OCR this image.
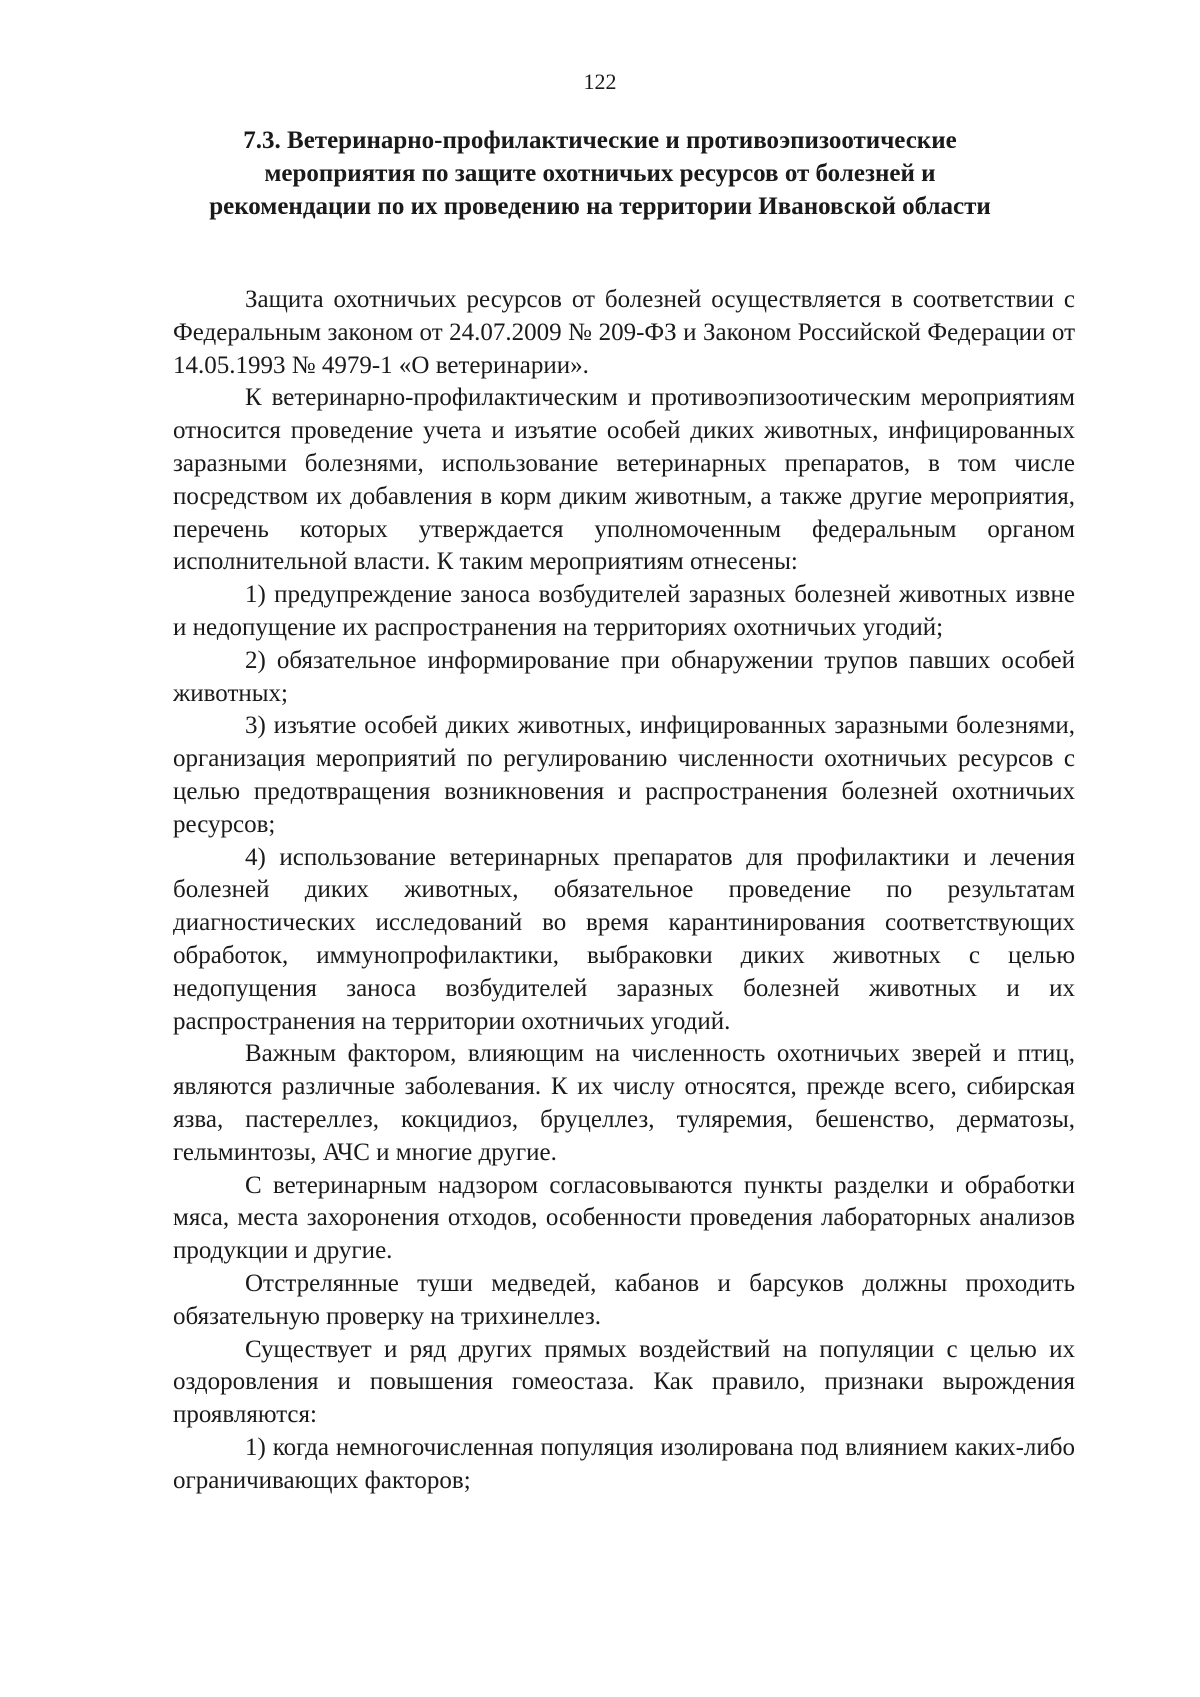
122
7.3. Ветеринарно-профилактические и противоэпизоотические мероприятия по защите охотничьих ресурсов от болезней и рекомендации по их проведению на территории Ивановской области

Защита охотничьих ресурсов от болезней осуществляется в соответствии с Федеральным законом от 24.07.2009 № 209-ФЗ и Законом Российской Федерации от 14.05.1993 № 4979-1 «О ветеринарии».

К ветеринарно-профилактическим и противоэпизоотическим мероприятиям относится проведение учета и изъятие особей диких животных, инфицированных заразными болезнями, использование ветеринарных препаратов, в том числе посредством их добавления в корм диким животным, а также другие мероприятия, перечень которых утверждается уполномоченным федеральным органом исполнительной власти. К таким мероприятиям отнесены:

1) предупреждение заноса возбудителей заразных болезней животных извне и недопущение их распространения на территориях охотничьих угодий;

2) обязательное информирование при обнаружении трупов павших особей животных;

3) изъятие особей диких животных, инфицированных заразными болезнями, организация мероприятий по регулированию численности охотничьих ресурсов с целью предотвращения возникновения и распространения болезней охотничьих ресурсов;

4) использование ветеринарных препаратов для профилактики и лечения болезней диких животных, обязательное проведение по результатам диагностических исследований во время карантинирования соответствующих обработок, иммунопрофилактики, выбраковки диких животных с целью недопущения заноса возбудителей заразных болезней животных и их распространения на территории охотничьих угодий.

Важным фактором, влияющим на численность охотничьих зверей и птиц, являются различные заболевания. К их числу относятся, прежде всего, сибирская язва, пастереллез, кокцидиоз, бруцеллез, туляремия, бешенство, дерматозы, гельминтозы, АЧС и многие другие.

С ветеринарным надзором согласовываются пункты разделки и обработки мяса, места захоронения отходов, особенности проведения лабораторных анализов продукции и другие.

Отстрелянные туши медведей, кабанов и барсуков должны проходить обязательную проверку на трихинеллез.

Существует и ряд других прямых воздействий на популяции с целью их оздоровления и повышения гомеостаза. Как правило, признаки вырождения проявляются:

1) когда немногочисленная популяция изолирована под влиянием каких-либо ограничивающих факторов;
